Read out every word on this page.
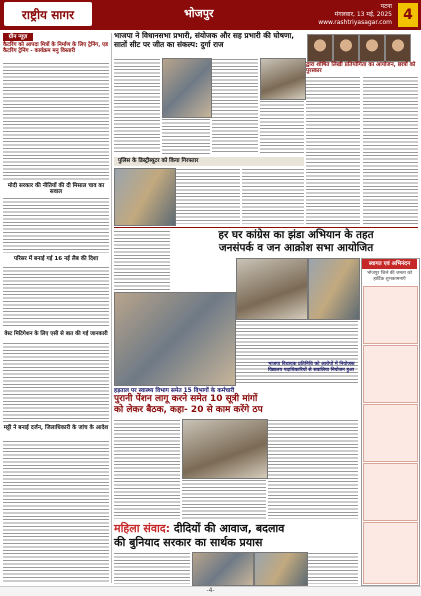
राष्ट्रीय सागर	भोजपुर
पटना
मंगलवार, 13 मई, 2025
www.rashtriyasagar.com 4
ग्रीन न्यूज़
कैटरिंग को आपदा मित्रों के निर्माण के लिए ट्रेनिंग, एड कैटरिंग ट्रेनिंग - कार्यक्रम मनु विस्तारी
मोदी सरकार की नीतियों की दी मिसाल चाव का सवाल
परिसर में बनाई गई 16 नई लैब की दिशा
वेस्ट मिटिगेशन के लिए एसी से बात की गई जानकारी
मट्टी ने बनाई दर्जन, जिलाधिकारी के जांच के आदेश
भाजपा ने विधानसभा प्रभारी, संयोजक और सह प्रभारी की घोषणा, सातों सीट पर जीत का संकल्प: दुर्गा राज
पुलिस के डिस्ट्रीब्यूटर को किया गिरफ्तार
द्वारा शोषित लिखी प्रतियोगिता का आयोजन, छात्रों को पुरस्कार
हर घर कांग्रेस का झंडा अभियान के तहत
जनसंपर्क व जन आक्रोश सभा आयोजित
स्वागत एवं अभिनंदन
भोजपुर जिले की जनता को हार्दिक शुभकामनाएँ
हड़ताल पर स्वास्थ्य विभाग समेत 15 विभागों के कर्मचारी
पुरानी पेंशन लागू करने समेत 10 सूत्री मांगों
को लेकर बैठक, कहा- 20 से काम करेंगे ठप
महिला संवाद: दीदियों की आवाज, बदलाव
की बुनियाद सरकार का सार्थक प्रयास
-4-
भाजपा विधायक प्रतिनिधि को आरोपों में नियोजक विद्यालय पदाधिकारियों से सवालिया नियोजन हुआ
